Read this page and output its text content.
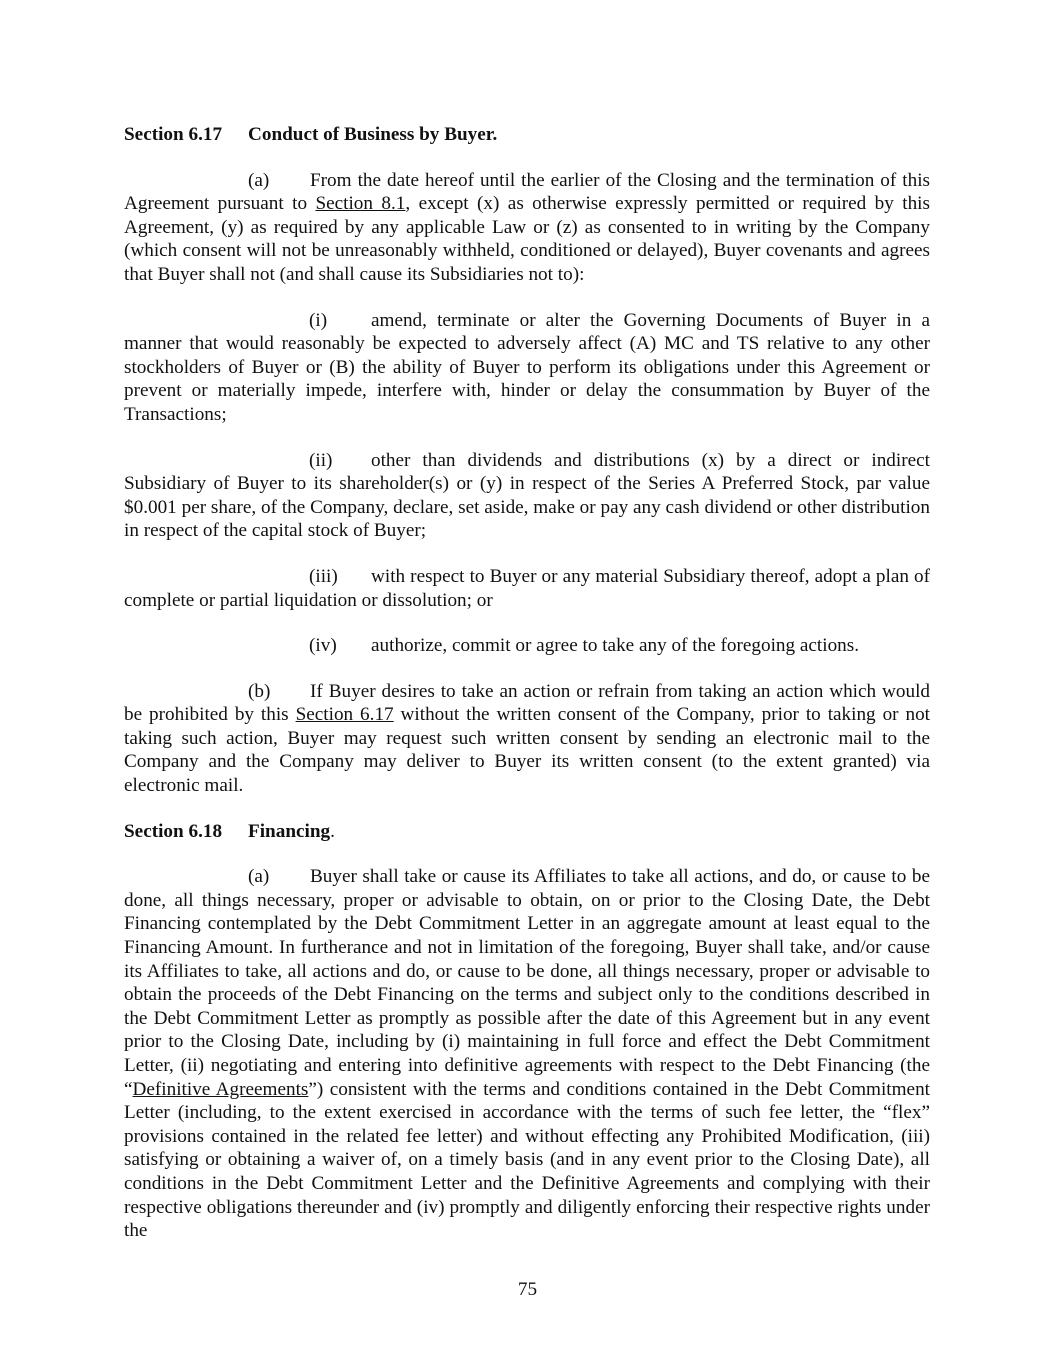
Section 6.17 Conduct of Business by Buyer.

(a) From the date hereof until the earlier of the Closing and the termination of this Agreement pursuant to Section 8.1, except (x) as otherwise expressly permitted or required by this Agreement, (y) as required by any applicable Law or (z) as consented to in writing by the Company (which consent will not be unreasonably withheld, conditioned or delayed), Buyer covenants and agrees that Buyer shall not (and shall cause its Subsidiaries not to):

(i) amend, terminate or alter the Governing Documents of Buyer in a manner that would reasonably be expected to adversely affect (A) MC and TS relative to any other stockholders of Buyer or (B) the ability of Buyer to perform its obligations under this Agreement or prevent or materially impede, interfere with, hinder or delay the consummation by Buyer of the Transactions;

(ii) other than dividends and distributions (x) by a direct or indirect Subsidiary of Buyer to its shareholder(s) or (y) in respect of the Series A Preferred Stock, par value $0.001 per share, of the Company, declare, set aside, make or pay any cash dividend or other distribution in respect of the capital stock of Buyer;

(iii) with respect to Buyer or any material Subsidiary thereof, adopt a plan of complete or partial liquidation or dissolution; or

(iv) authorize, commit or agree to take any of the foregoing actions.

(b) If Buyer desires to take an action or refrain from taking an action which would be prohibited by this Section 6.17 without the written consent of the Company, prior to taking or not taking such action, Buyer may request such written consent by sending an electronic mail to the Company and the Company may deliver to Buyer its written consent (to the extent granted) via electronic mail.

Section 6.18 Financing.

(a) Buyer shall take or cause its Affiliates to take all actions, and do, or cause to be done, all things necessary, proper or advisable to obtain, on or prior to the Closing Date, the Debt Financing contemplated by the Debt Commitment Letter in an aggregate amount at least equal to the Financing Amount. In furtherance and not in limitation of the foregoing, Buyer shall take, and/or cause its Affiliates to take, all actions and do, or cause to be done, all things necessary, proper or advisable to obtain the proceeds of the Debt Financing on the terms and subject only to the conditions described in the Debt Commitment Letter as promptly as possible after the date of this Agreement but in any event prior to the Closing Date, including by (i) maintaining in full force and effect the Debt Commitment Letter, (ii) negotiating and entering into definitive agreements with respect to the Debt Financing (the “Definitive Agreements”) consistent with the terms and conditions contained in the Debt Commitment Letter (including, to the extent exercised in accordance with the terms of such fee letter, the “flex” provisions contained in the related fee letter) and without effecting any Prohibited Modification, (iii) satisfying or obtaining a waiver of, on a timely basis (and in any event prior to the Closing Date), all conditions in the Debt Commitment Letter and the Definitive Agreements and complying with their respective obligations thereunder and (iv) promptly and diligently enforcing their respective rights under the

75
